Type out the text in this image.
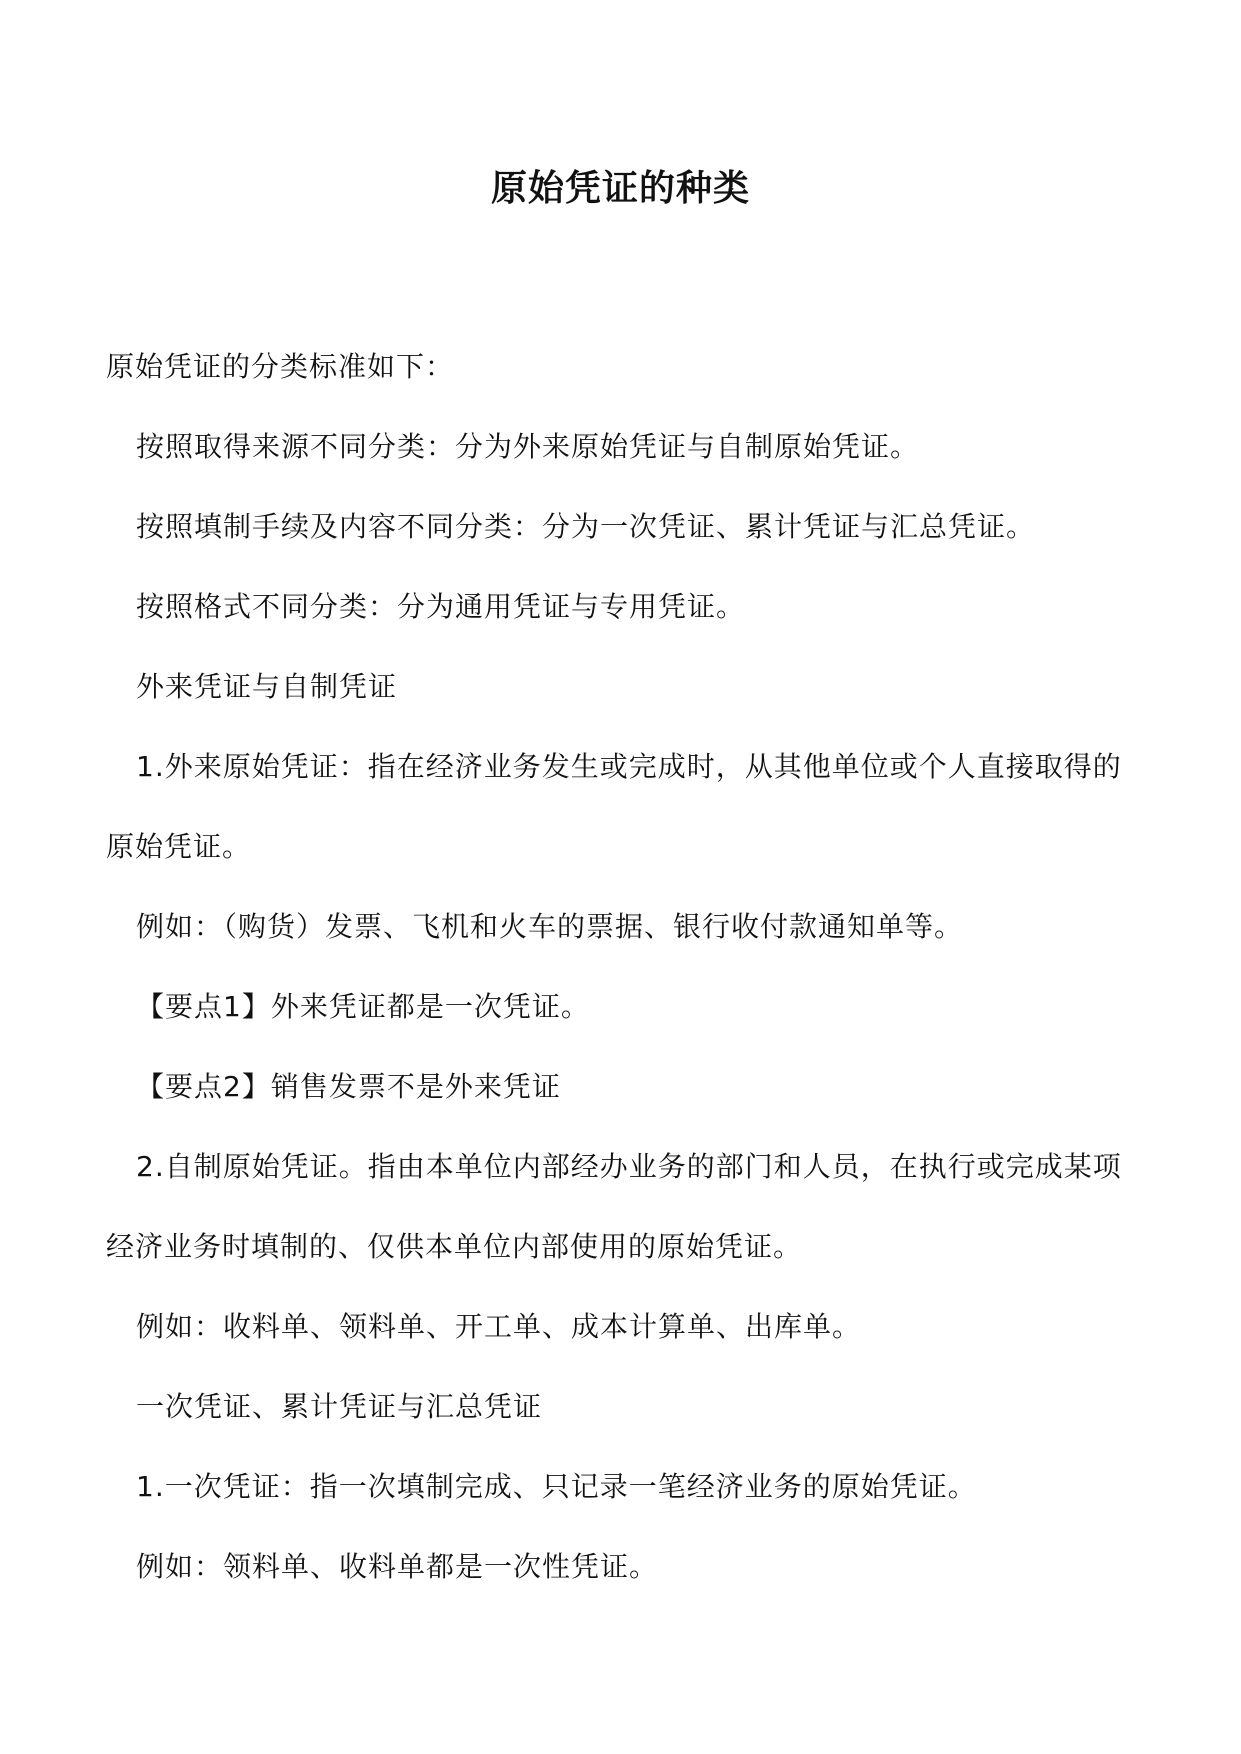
原始凭证的种类
原始凭证的分类标准如下：
按照取得来源不同分类：分为外来原始凭证与自制原始凭证。
按照填制手续及内容不同分类：分为一次凭证、累计凭证与汇总凭证。
按照格式不同分类：分为通用凭证与专用凭证。
外来凭证与自制凭证
1.外来原始凭证：指在经济业务发生或完成时，从其他单位或个人直接取得的
原始凭证。
例如：（购货）发票、飞机和火车的票据、银行收付款通知单等。
【要点1】外来凭证都是一次凭证。
【要点2】销售发票不是外来凭证
2.自制原始凭证。指由本单位内部经办业务的部门和人员，在执行或完成某项
经济业务时填制的、仅供本单位内部使用的原始凭证。
例如：收料单、领料单、开工单、成本计算单、出库单。
一次凭证、累计凭证与汇总凭证
1.一次凭证：指一次填制完成、只记录一笔经济业务的原始凭证。
例如：领料单、收料单都是一次性凭证。
